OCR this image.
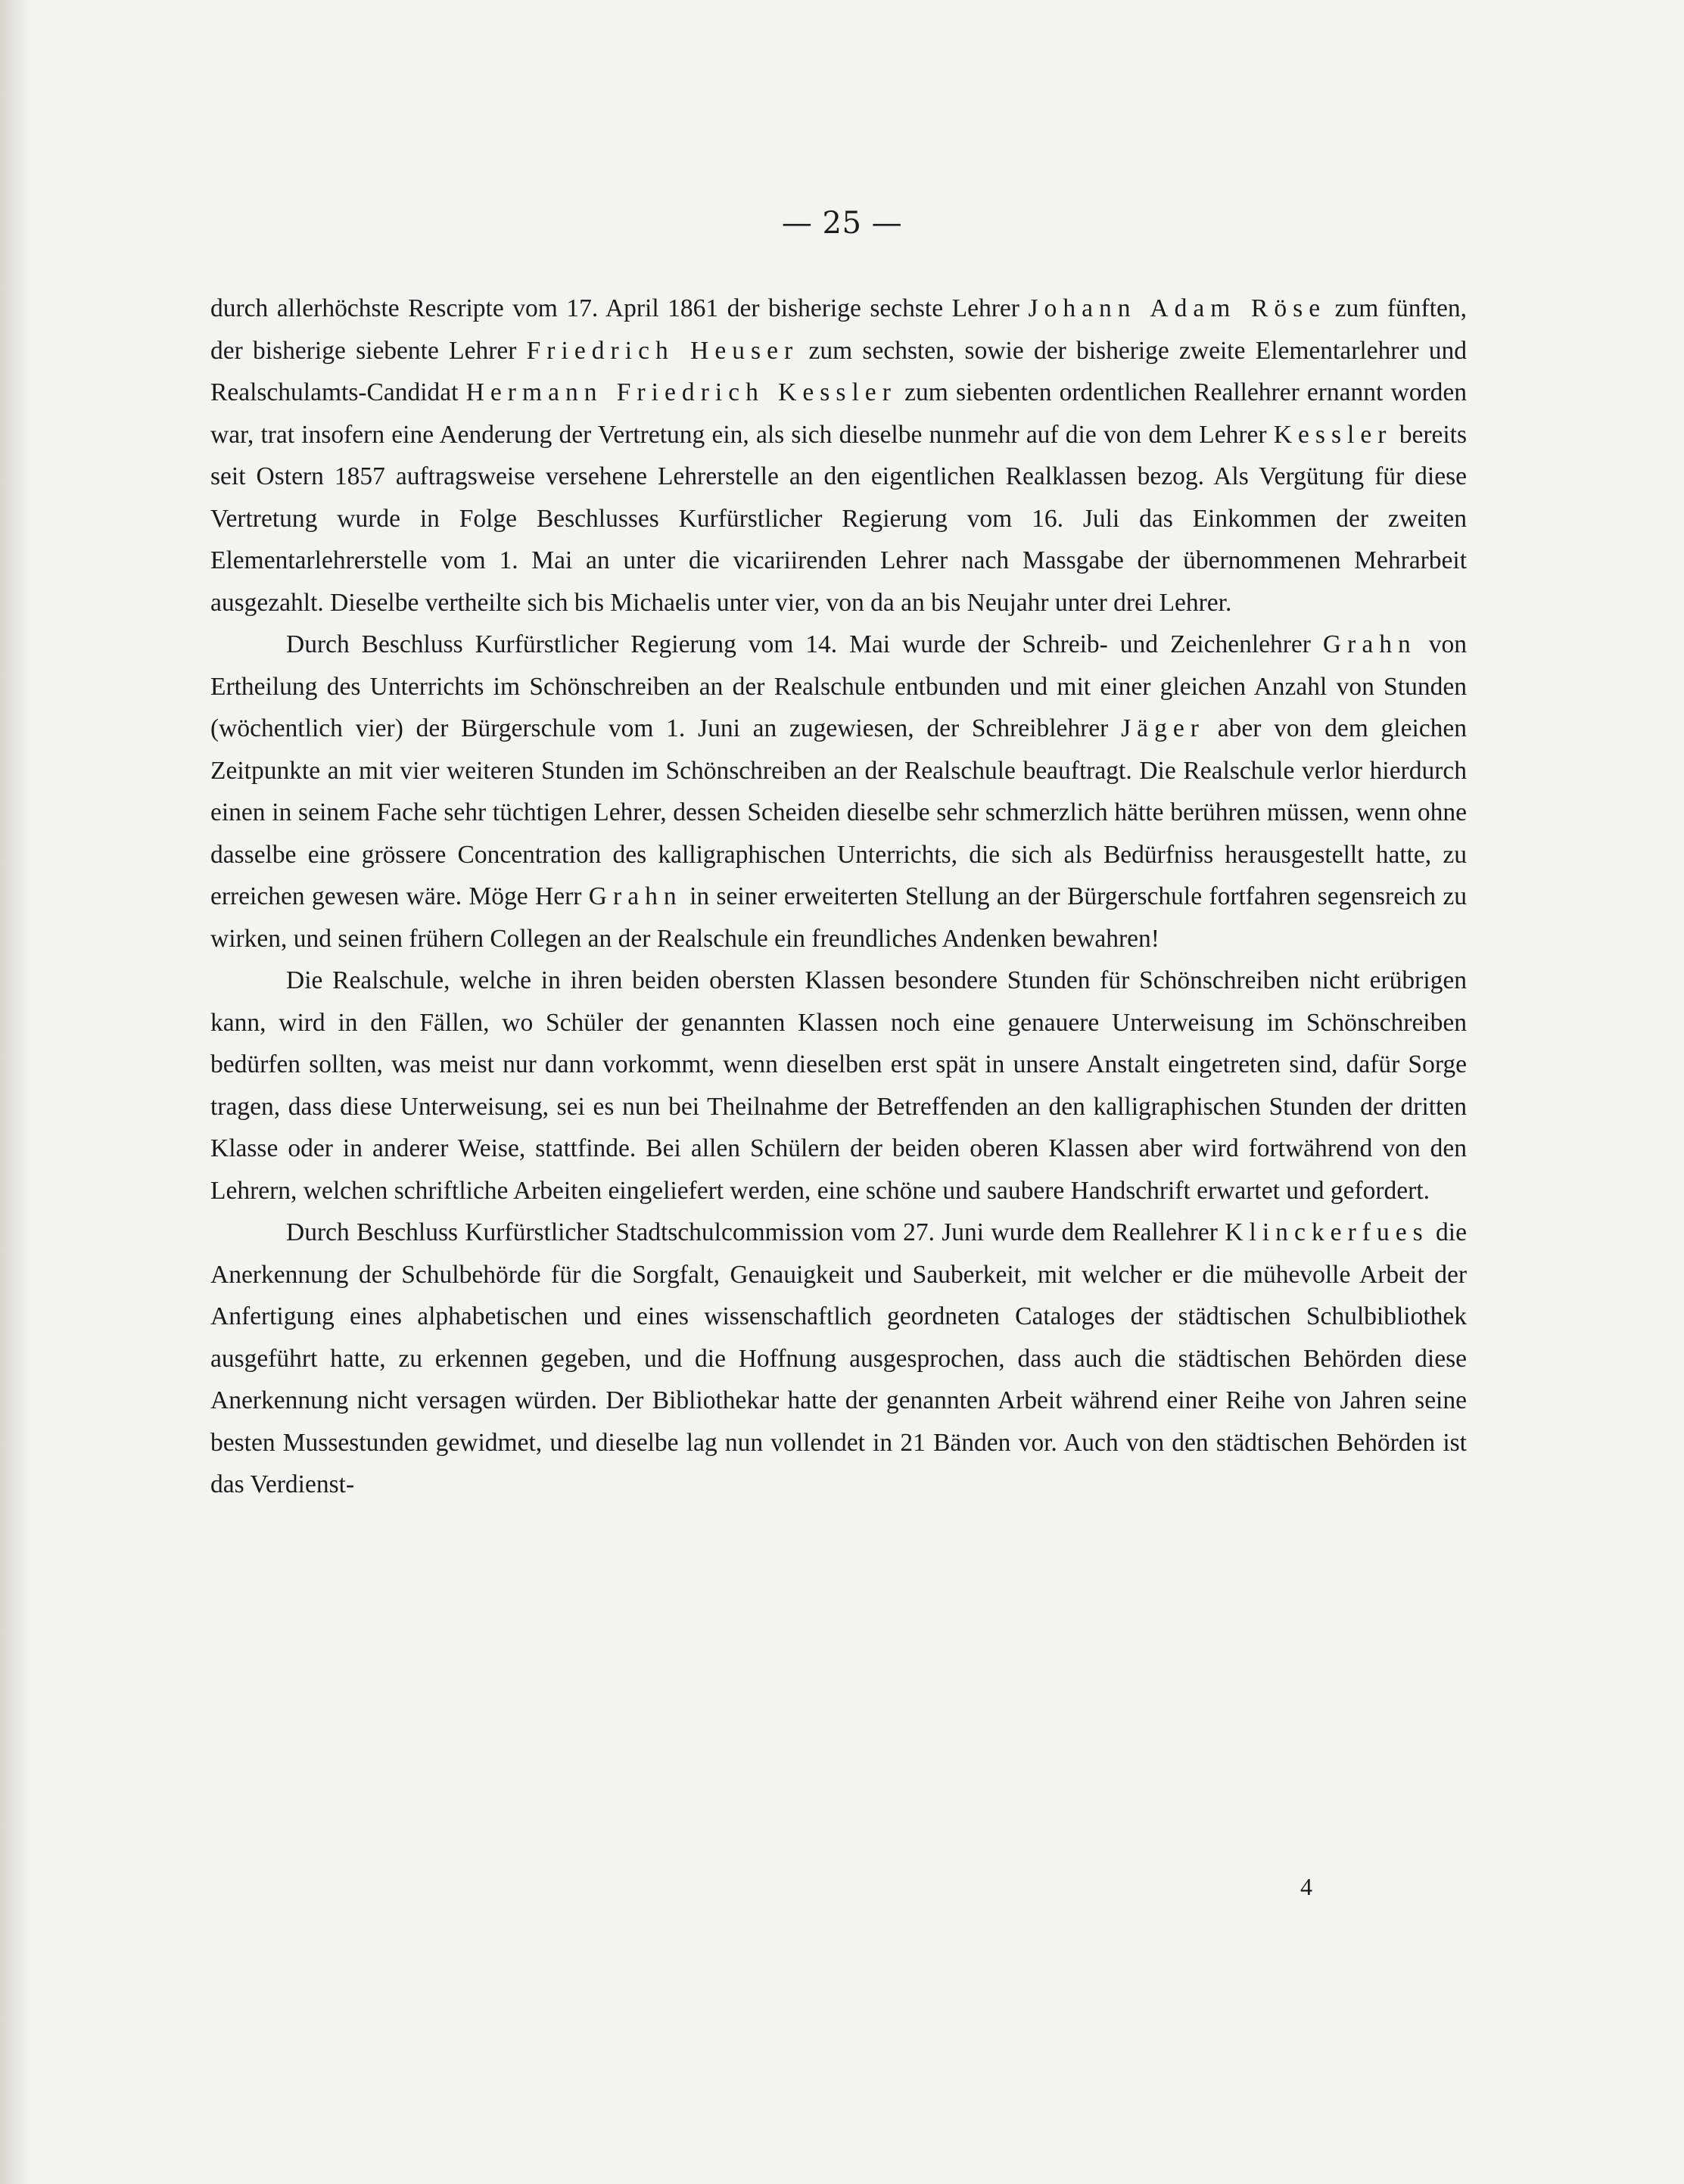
— 25 —

durch allerhöchste Rescripte vom 17. April 1861 der bisherige sechste Lehrer Johann Adam Röse zum fünften, der bisherige siebente Lehrer Friedrich Heuser zum sechsten, sowie der bisherige zweite Elementarlehrer und Realschulamts-Candidat Hermann Friedrich Kessler zum siebenten ordentlichen Reallehrer ernannt worden war, trat insofern eine Aenderung der Vertretung ein, als sich dieselbe nunmehr auf die von dem Lehrer Kessler bereits seit Ostern 1857 auftragsweise versehene Lehrerstelle an den eigentlichen Realklassen bezog. Als Vergütung für diese Vertretung wurde in Folge Beschlusses Kurfürstlicher Regierung vom 16. Juli das Einkommen der zweiten Elementarlehrerstelle vom 1. Mai an unter die vicariirenden Lehrer nach Massgabe der übernommenen Mehrarbeit ausgezahlt. Dieselbe vertheilte sich bis Michaelis unter vier, von da an bis Neujahr unter drei Lehrer.

Durch Beschluss Kurfürstlicher Regierung vom 14. Mai wurde der Schreib- und Zeichenlehrer Grahn von Ertheilung des Unterrichts im Schönschreiben an der Realschule entbunden und mit einer gleichen Anzahl von Stunden (wöchentlich vier) der Bürgerschule vom 1. Juni an zugewiesen, der Schreiblehrer Jäger aber von dem gleichen Zeitpunkte an mit vier weiteren Stunden im Schönschreiben an der Realschule beauftragt. Die Realschule verlor hierdurch einen in seinem Fache sehr tüchtigen Lehrer, dessen Scheiden dieselbe sehr schmerzlich hätte berühren müssen, wenn ohne dasselbe eine grössere Concentration des kalligraphischen Unterrichts, die sich als Bedürfniss herausgestellt hatte, zu erreichen gewesen wäre. Möge Herr Grahn in seiner erweiterten Stellung an der Bürgerschule fortfahren segensreich zu wirken, und seinen frühern Collegen an der Realschule ein freundliches Andenken bewahren!

Die Realschule, welche in ihren beiden obersten Klassen besondere Stunden für Schönschreiben nicht erübrigen kann, wird in den Fällen, wo Schüler der genannten Klassen noch eine genauere Unterweisung im Schönschreiben bedürfen sollten, was meist nur dann vorkommt, wenn dieselben erst spät in unsere Anstalt eingetreten sind, dafür Sorge tragen, dass diese Unterweisung, sei es nun bei Theilnahme der Betreffenden an den kalligraphischen Stunden der dritten Klasse oder in anderer Weise, stattfinde. Bei allen Schülern der beiden oberen Klassen aber wird fortwährend von den Lehrern, welchen schriftliche Arbeiten eingeliefert werden, eine schöne und saubere Handschrift erwartet und gefordert.

Durch Beschluss Kurfürstlicher Stadtschulcommission vom 27. Juni wurde dem Reallehrer Klinckerfues die Anerkennung der Schulbehörde für die Sorgfalt, Genauigkeit und Sauberkeit, mit welcher er die mühevolle Arbeit der Anfertigung eines alphabetischen und eines wissenschaftlich geordneten Cataloges der städtischen Schulbibliothek ausgeführt hatte, zu erkennen gegeben, und die Hoffnung ausgesprochen, dass auch die städtischen Behörden diese Anerkennung nicht versagen würden. Der Bibliothekar hatte der genannten Arbeit während einer Reihe von Jahren seine besten Mussestunden gewidmet, und dieselbe lag nun vollendet in 21 Bänden vor. Auch von den städtischen Behörden ist das Verdienst-

4
